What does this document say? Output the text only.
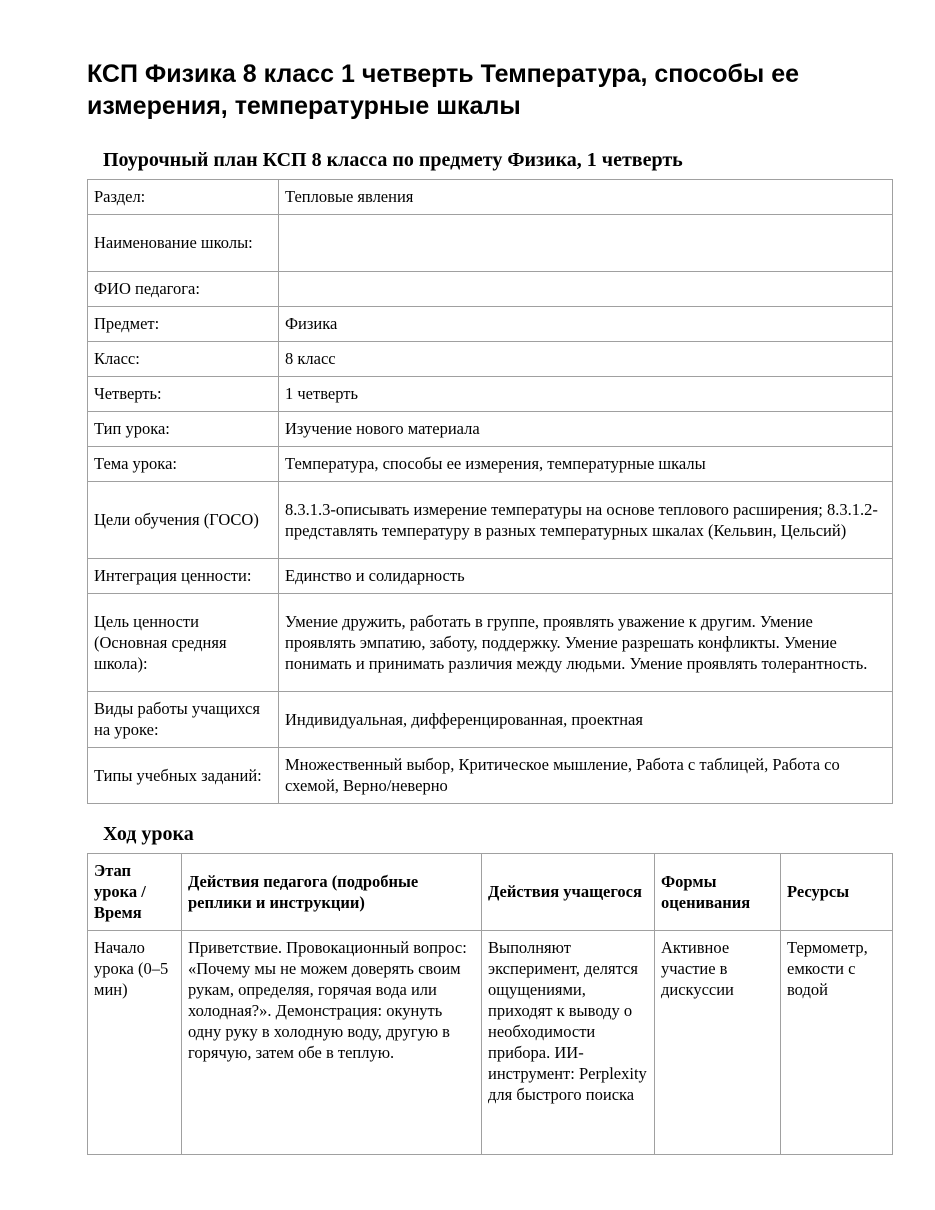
КСП Физика 8 класс 1 четверть Температура, способы ее измерения, температурные шкалы
Поурочный план КСП 8 класса по предмету Физика, 1 четверть
Раздел:	Тепловые явления
Наименование школы:	
ФИО педагога:	
Предмет:	Физика
Класс:	8 класс
Четверть:	1 четверть
Тип урока:	Изучение нового материала
Тема урока:	Температура, способы ее измерения, температурные шкалы
Цели обучения (ГОСО)	8.3.1.3-описывать измерение температуры на основе теплового расширения; 8.3.1.2-представлять температуру в разных температурных шкалах (Кельвин, Цельсий)
Интеграция ценности:	Единство и солидарность
Цель ценности (Основная средняя школа):	Умение дружить, работать в группе, проявлять уважение к другим. Умение проявлять эмпатию, заботу, поддержку. Умение разрешать конфликты. Умение понимать и принимать различия между людьми. Умение проявлять толерантность.
Виды работы учащихся на уроке:	Индивидуальная, дифференцированная, проектная
Типы учебных заданий:	Множественный выбор, Критическое мышление, Работа с таблицей, Работа со схемой, Верно/неверно
Ход урока
Этап урока / Время	Действия педагога (подробные реплики и инструкции)	Действия учащегося	Формы оценивания	Ресурсы
Начало урока (0–5 мин)	Приветствие. Провокационный вопрос: «Почему мы не можем доверять своим рукам, определяя, горячая вода или холодная?». Демонстрация: окунуть одну руку в холодную воду, другую в горячую, затем обе в теплую.	Выполняют эксперимент, делятся ощущениями, приходят к выводу о необходимости прибора. ИИ-инструмент: Perplexity для быстрого поиска	Активное участие в дискуссии	Термометр, емкости с водой
